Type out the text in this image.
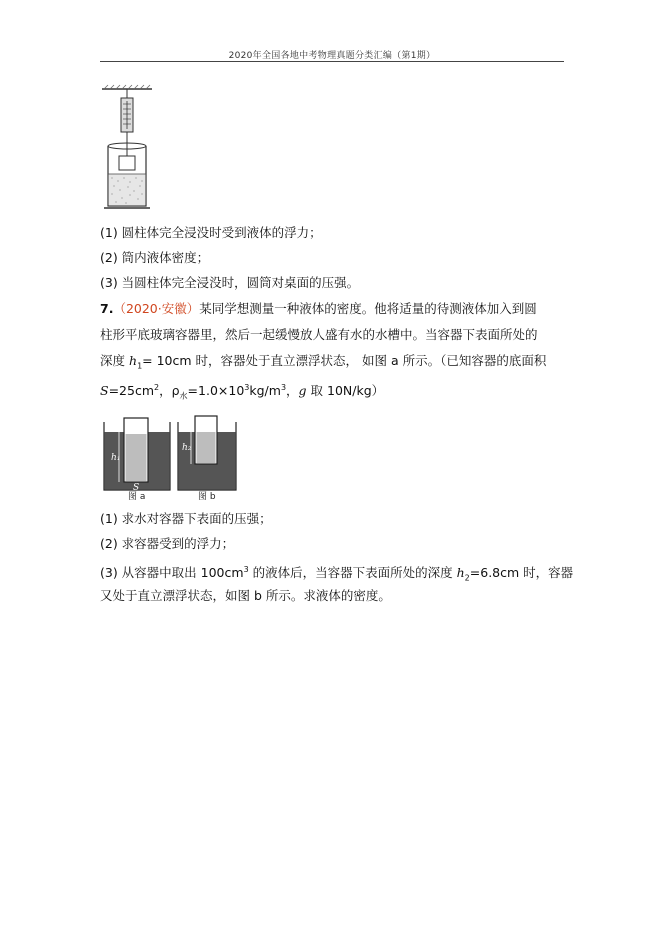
2020年全国各地中考物理真题分类汇编（第1期）
(1) 圆柱体完全浸没时受到液体的浮力；
(2) 筒内液体密度；
(3) 当圆柱体完全浸没时，圆筒对桌面的压强。
7.（2020·安徽）某同学想测量一种液体的密度。他将适量的待测液体加入到圆
柱形平底玻璃容器里，然后一起缓慢放人盛有水的水槽中。当容器下表面所处的
深度 $h_1= 10cm$ 时，容器处于直立漂浮状态， 如图 a 所示。（已知容器的底面积
$S=25cm^2$，$\rho_水=1.0\times 10^3kg/m^3$，g 取 10N/kg）
h₁
S
图 a
h₂
图 b
(1) 求水对容器下表面的压强；
(2) 求容器受到的浮力；
(3) 从容器中取出 $100cm^3$ 的液体后，当容器下表面所处的深度 $h_2=6.8cm$ 时，容器
又处于直立漂浮状态，如图 b 所示。求液体的密度。
